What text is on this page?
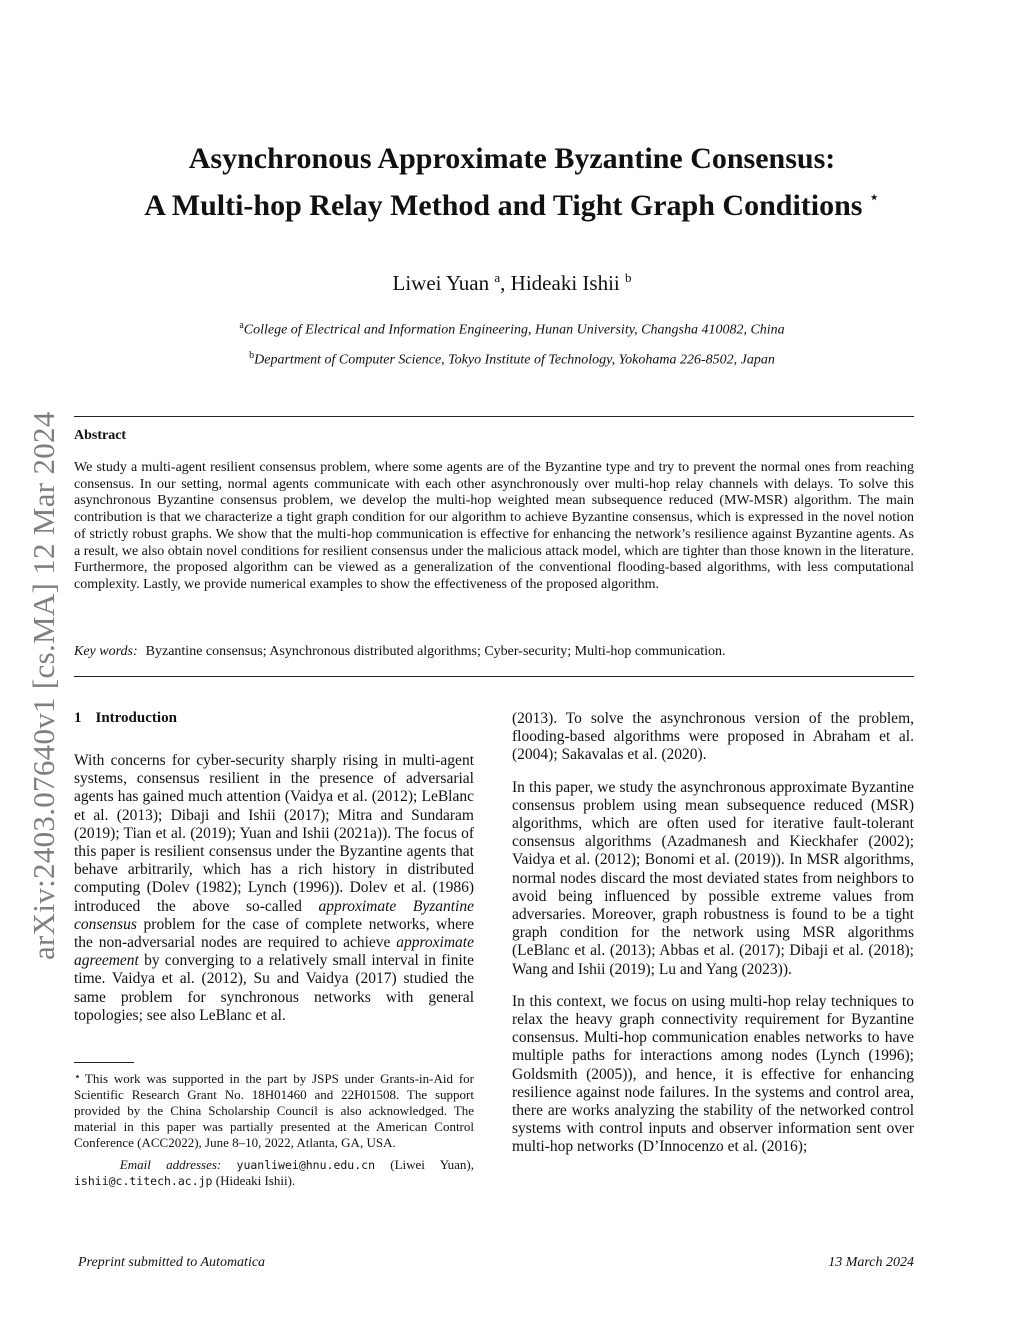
arXiv:2403.07640v1 [cs.MA] 12 Mar 2024
Asynchronous Approximate Byzantine Consensus:
A Multi-hop Relay Method and Tight Graph Conditions ⋆
Liwei Yuan $^a$, Hideaki Ishii $^b$
$^a$College of Electrical and Information Engineering, Hunan University, Changsha 410082, China
$^b$Department of Computer Science, Tokyo Institute of Technology, Yokohama 226-8502, Japan
Abstract
We study a multi-agent resilient consensus problem, where some agents are of the Byzantine type and try to prevent the normal ones from reaching consensus. In our setting, normal agents communicate with each other asynchronously over multi-hop relay channels with delays. To solve this asynchronous Byzantine consensus problem, we develop the multi-hop weighted mean subsequence reduced (MW-MSR) algorithm. The main contribution is that we characterize a tight graph condition for our algorithm to achieve Byzantine consensus, which is expressed in the novel notion of strictly robust graphs. We show that the multi-hop communication is effective for enhancing the network’s resilience against Byzantine agents. As a result, we also obtain novel conditions for resilient consensus under the malicious attack model, which are tighter than those known in the literature. Furthermore, the proposed algorithm can be viewed as a generalization of the conventional flooding-based algorithms, with less computational complexity. Lastly, we provide numerical examples to show the effectiveness of the proposed algorithm.
Key words: Byzantine consensus; Asynchronous distributed algorithms; Cyber-security; Multi-hop communication.
1 Introduction

With concerns for cyber-security sharply rising in multi-agent systems, consensus resilient in the presence of adversarial agents has gained much attention (Vaidya et al. (2012); LeBlanc et al. (2013); Dibaji and Ishii (2017); Mitra and Sundaram (2019); Tian et al. (2019); Yuan and Ishii (2021a)). The focus of this paper is resilient consensus under the Byzantine agents that behave arbitrarily, which has a rich history in distributed computing (Dolev (1982); Lynch (1996)). Dolev et al. (1986) introduced the above so-called approximate Byzantine consensus problem for the case of complete networks, where the non-adversarial nodes are required to achieve approximate agreement by converging to a relatively small interval in finite time. Vaidya et al. (2012), Su and Vaidya (2017) studied the same problem for synchronous networks with general topologies; see also LeBlanc et al.

⋆ This work was supported in the part by JSPS under Grants-in-Aid for Scientific Research Grant No. 18H01460 and 22H01508. The support provided by the China Scholarship Council is also acknowledged. The material in this paper was partially presented at the American Control Conference (ACC2022), June 8–10, 2022, Atlanta, GA, USA.

Email addresses: yuanliwei@hnu.edu.cn (Liwei Yuan), ishii@c.titech.ac.jp (Hideaki Ishii).

(2013). To solve the asynchronous version of the problem, flooding-based algorithms were proposed in Abraham et al. (2004); Sakavalas et al. (2020).

In this paper, we study the asynchronous approximate Byzantine consensus problem using mean subsequence reduced (MSR) algorithms, which are often used for iterative fault-tolerant consensus algorithms (Azadmanesh and Kieckhafer (2002); Vaidya et al. (2012); Bonomi et al. (2019)). In MSR algorithms, normal nodes discard the most deviated states from neighbors to avoid being influenced by possible extreme values from adversaries. Moreover, graph robustness is found to be a tight graph condition for the network using MSR algorithms (LeBlanc et al. (2013); Abbas et al. (2017); Dibaji et al. (2018); Wang and Ishii (2019); Lu and Yang (2023)).

In this context, we focus on using multi-hop relay techniques to relax the heavy graph connectivity requirement for Byzantine consensus. Multi-hop communication enables networks to have multiple paths for interactions among nodes (Lynch (1996); Goldsmith (2005)), and hence, it is effective for enhancing resilience against node failures. In the systems and control area, there are works analyzing the stability of the networked control systems with control inputs and observer information sent over multi-hop networks (D’Innocenzo et al. (2016);

Preprint submitted to Automatica	13 March 2024
